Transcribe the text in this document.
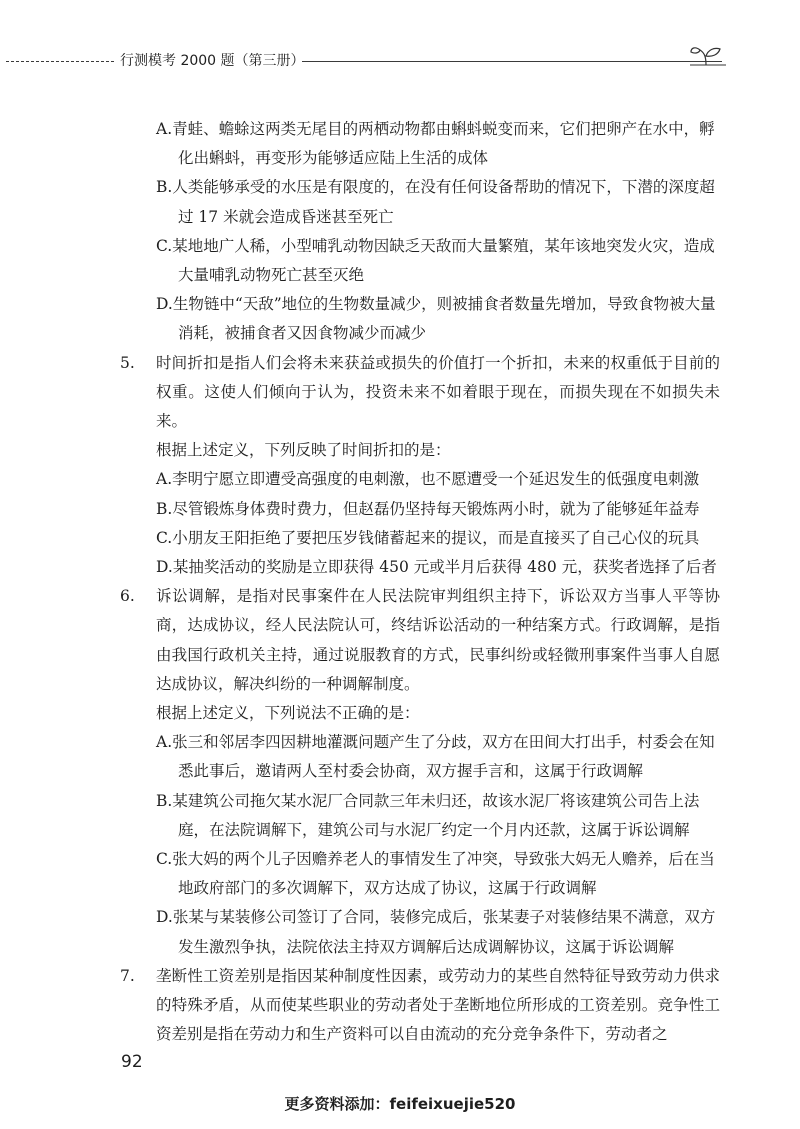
行测模考 2000 题（第三册）

A.青蛙、蟾蜍这两类无尾目的两栖动物都由蝌蚪蜕变而来，它们把卵产在水中，孵化出蝌蚪，再变形为能够适应陆上生活的成体

B.人类能够承受的水压是有限度的，在没有任何设备帮助的情况下，下潜的深度超过 17 米就会造成昏迷甚至死亡

C.某地地广人稀，小型哺乳动物因缺乏天敌而大量繁殖，某年该地突发火灾，造成大量哺乳动物死亡甚至灭绝

D.生物链中“天敌”地位的生物数量减少，则被捕食者数量先增加，导致食物被大量消耗，被捕食者又因食物减少而减少

5. 时间折扣是指人们会将未来获益或损失的价值打一个折扣，未来的权重低于目前的权重。这使人们倾向于认为，投资未来不如着眼于现在，而损失现在不如损失未来。

根据上述定义，下列反映了时间折扣的是：

A.李明宁愿立即遭受高强度的电刺激，也不愿遭受一个延迟发生的低强度电刺激

B.尽管锻炼身体费时费力，但赵磊仍坚持每天锻炼两小时，就为了能够延年益寿

C.小朋友王阳拒绝了要把压岁钱储蓄起来的提议，而是直接买了自己心仪的玩具

D.某抽奖活动的奖励是立即获得 450 元或半月后获得 480 元，获奖者选择了后者

6. 诉讼调解，是指对民事案件在人民法院审判组织主持下，诉讼双方当事人平等协商，达成协议，经人民法院认可，终结诉讼活动的一种结案方式。行政调解，是指由我国行政机关主持，通过说服教育的方式，民事纠纷或轻微刑事案件当事人自愿达成协议，解决纠纷的一种调解制度。

根据上述定义，下列说法不正确的是：

A.张三和邻居李四因耕地灌溉问题产生了分歧，双方在田间大打出手，村委会在知悉此事后，邀请两人至村委会协商，双方握手言和，这属于行政调解

B.某建筑公司拖欠某水泥厂合同款三年未归还，故该水泥厂将该建筑公司告上法庭，在法院调解下，建筑公司与水泥厂约定一个月内还款，这属于诉讼调解

C.张大妈的两个儿子因赡养老人的事情发生了冲突，导致张大妈无人赡养，后在当地政府部门的多次调解下，双方达成了协议，这属于行政调解

D.张某与某装修公司签订了合同，装修完成后，张某妻子对装修结果不满意，双方发生激烈争执，法院依法主持双方调解后达成调解协议，这属于诉讼调解

7. 垄断性工资差别是指因某种制度性因素，或劳动力的某些自然特征导致劳动力供求的特殊矛盾，从而使某些职业的劳动者处于垄断地位所形成的工资差别。竞争性工资差别是指在劳动力和生产资料可以自由流动的充分竞争条件下，劳动者之

92
更多资料添加：feifeixuejie520
